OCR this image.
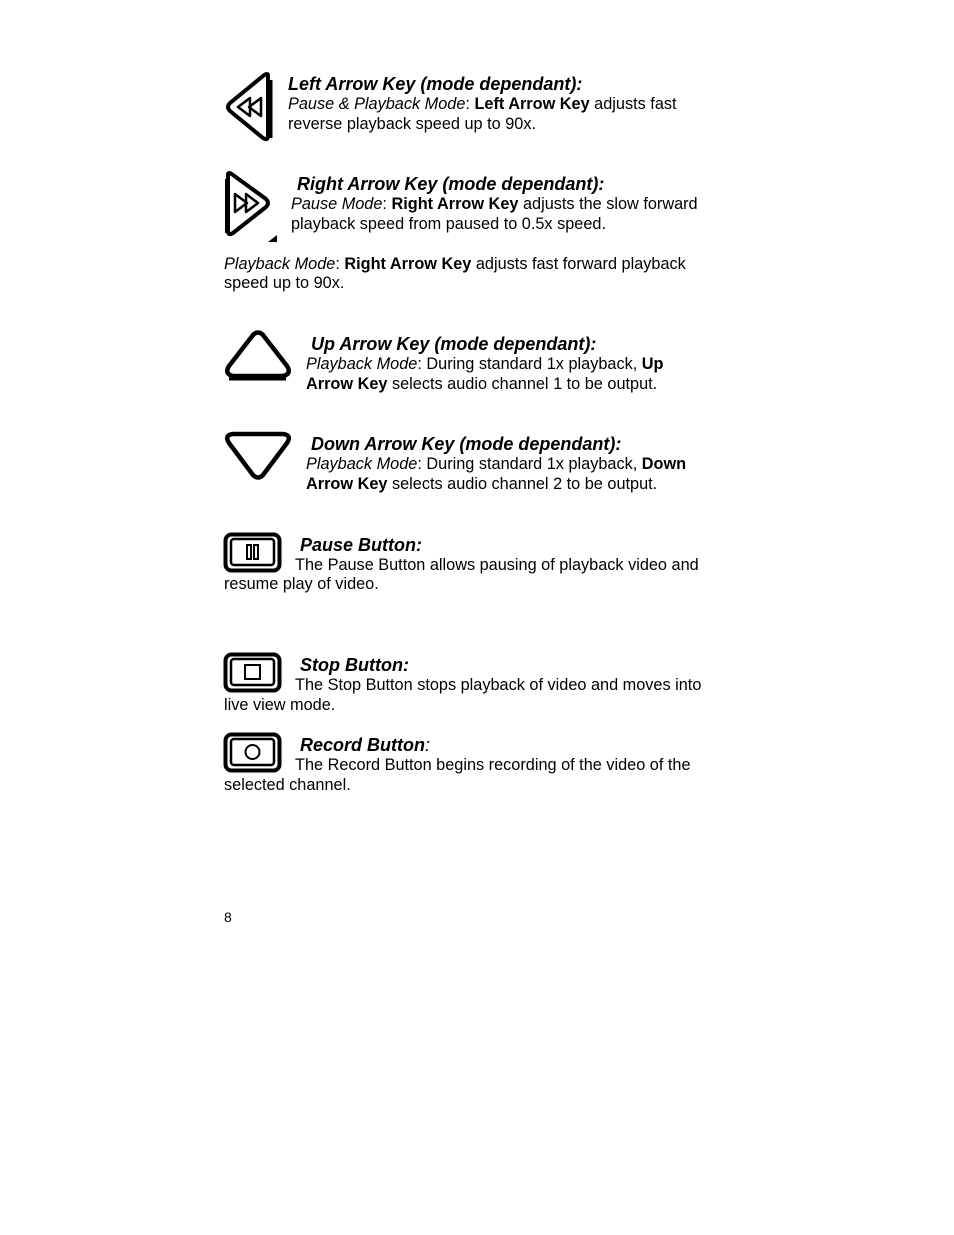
Left Arrow Key (mode dependant):
Pause & Playback Mode: Left Arrow Key adjusts fast
reverse playback speed up to 90x.
Right Arrow Key (mode dependant):
Pause Mode: Right Arrow Key adjusts the slow forward
playback speed from paused to 0.5x speed.
Playback Mode: Right Arrow Key adjusts fast forward playback
speed up to 90x.
Up Arrow Key (mode dependant):
Playback Mode: During standard 1x playback, Up
Arrow Key selects audio channel 1 to be output.
Down Arrow Key (mode dependant):
Playback Mode: During standard 1x playback, Down
Arrow Key selects audio channel 2 to be output.
Pause Button:
The Pause Button allows pausing of playback video and
resume play of video.
Stop Button:
The Stop Button stops playback of video and moves into
live view mode.
Record Button:
The Record Button begins recording of the video of the
selected channel.
8
